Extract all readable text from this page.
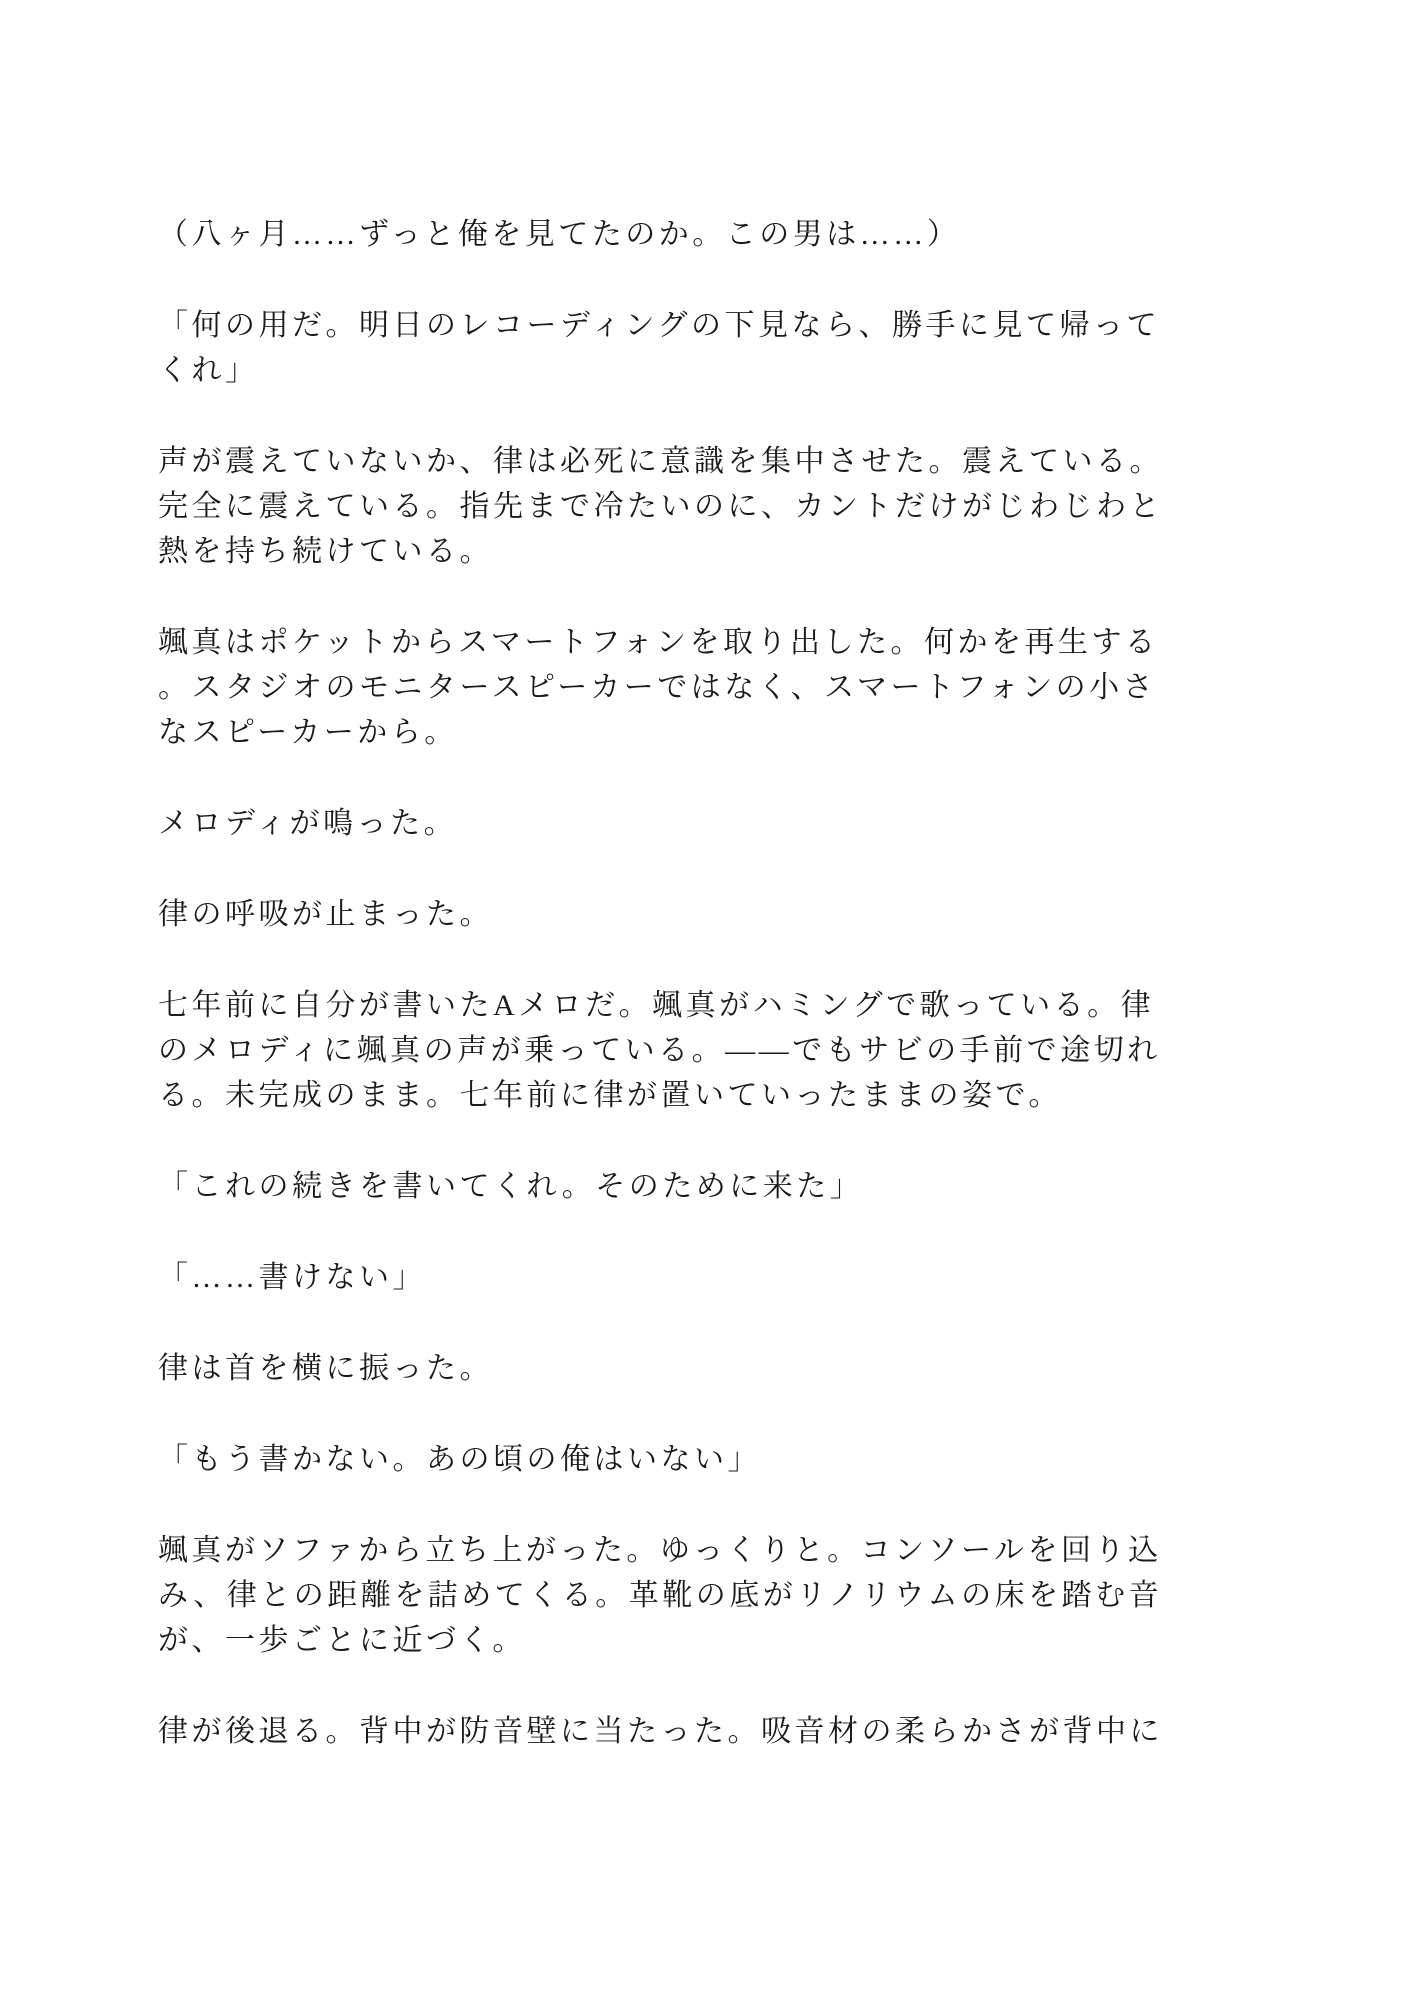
（八ヶ月……ずっと俺を見てたのか。この男は……）

「何の用だ。明日のレコーディングの下見なら、勝手に見て帰って
くれ」

声が震えていないか、律は必死に意識を集中させた。震えている。
完全に震えている。指先まで冷たいのに、カントだけがじわじわと
熱を持ち続けている。

颯真はポケットからスマートフォンを取り出した。何かを再生する
。スタジオのモニタースピーカーではなく、スマートフォンの小さ
なスピーカーから。

メロディが鳴った。

律の呼吸が止まった。

七年前に自分が書いたAメロだ。颯真がハミングで歌っている。律
のメロディに颯真の声が乗っている。――でもサビの手前で途切れ
る。未完成のまま。七年前に律が置いていったままの姿で。

「これの続きを書いてくれ。そのために来た」

「……書けない」

律は首を横に振った。

「もう書かない。あの頃の俺はいない」

颯真がソファから立ち上がった。ゆっくりと。コンソールを回り込
み、律との距離を詰めてくる。革靴の底がリノリウムの床を踏む音
が、一歩ごとに近づく。

律が後退る。背中が防音壁に当たった。吸音材の柔らかさが背中に
